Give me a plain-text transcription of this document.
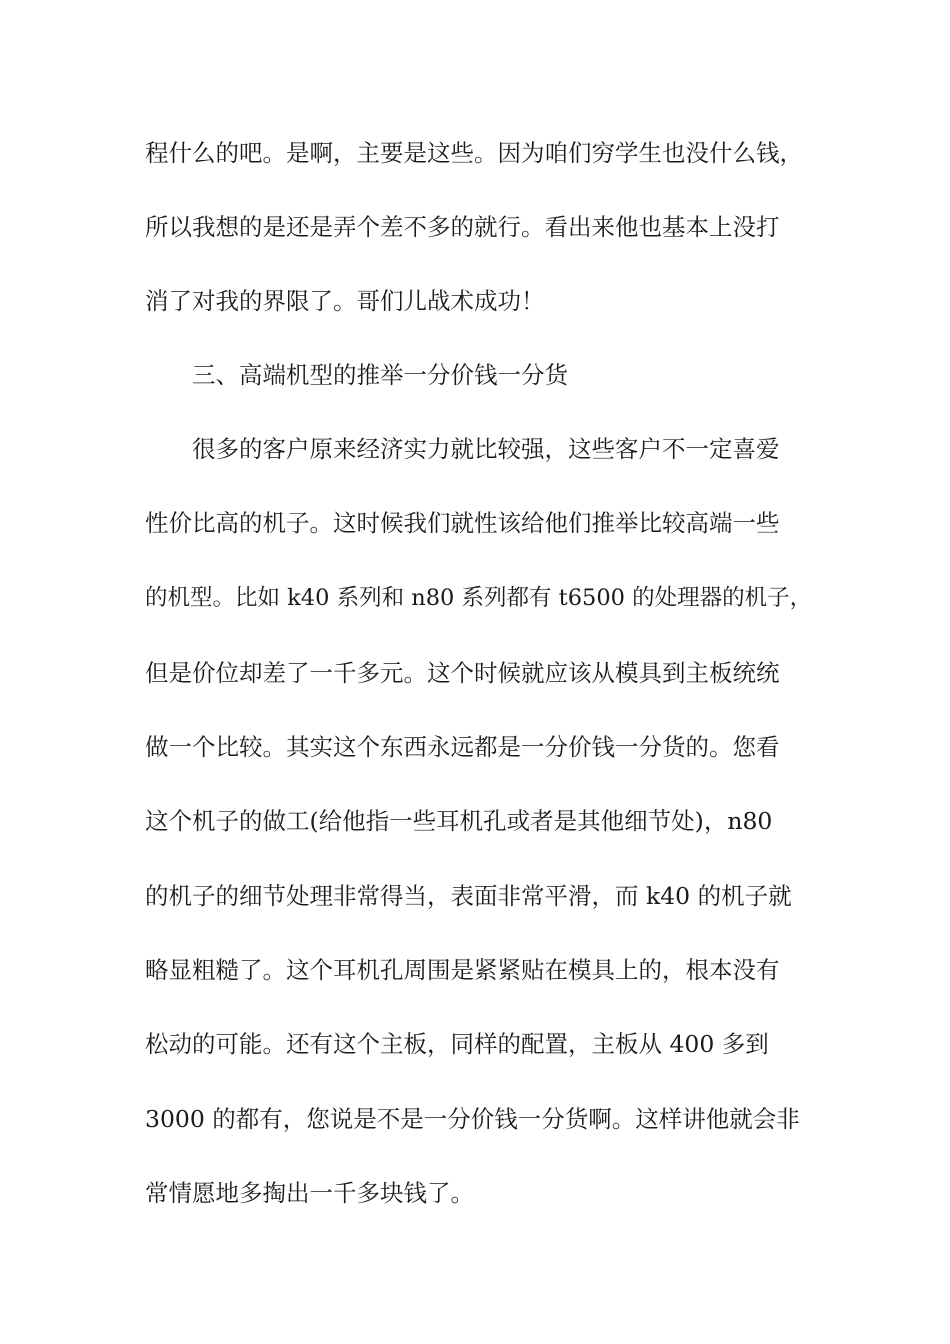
程什么的吧。是啊，主要是这些。因为咱们穷学生也没什么钱，
所以我想的是还是弄个差不多的就行。看出来他也基本上没打
消了对我的界限了。哥们儿战术成功！
三、高端机型的推举一分价钱一分货
很多的客户原来经济实力就比较强，这些客户不一定喜爱
性价比高的机子。这时候我们就性该给他们推举比较高端一些
的机型。比如 k40 系列和 n80 系列都有 t6500 的处理器的机子，
但是价位却差了一千多元。这个时候就应该从模具到主板统统
做一个比较。其实这个东西永远都是一分价钱一分货的。您看
这个机子的做工(给他指一些耳机孔或者是其他细节处)，n80
的机子的细节处理非常得当，表面非常平滑，而 k40 的机子就
略显粗糙了。这个耳机孔周围是紧紧贴在模具上的，根本没有
松动的可能。还有这个主板，同样的配置，主板从 400 多到
3000 的都有，您说是不是一分价钱一分货啊。这样讲他就会非
常情愿地多掏出一千多块钱了。
